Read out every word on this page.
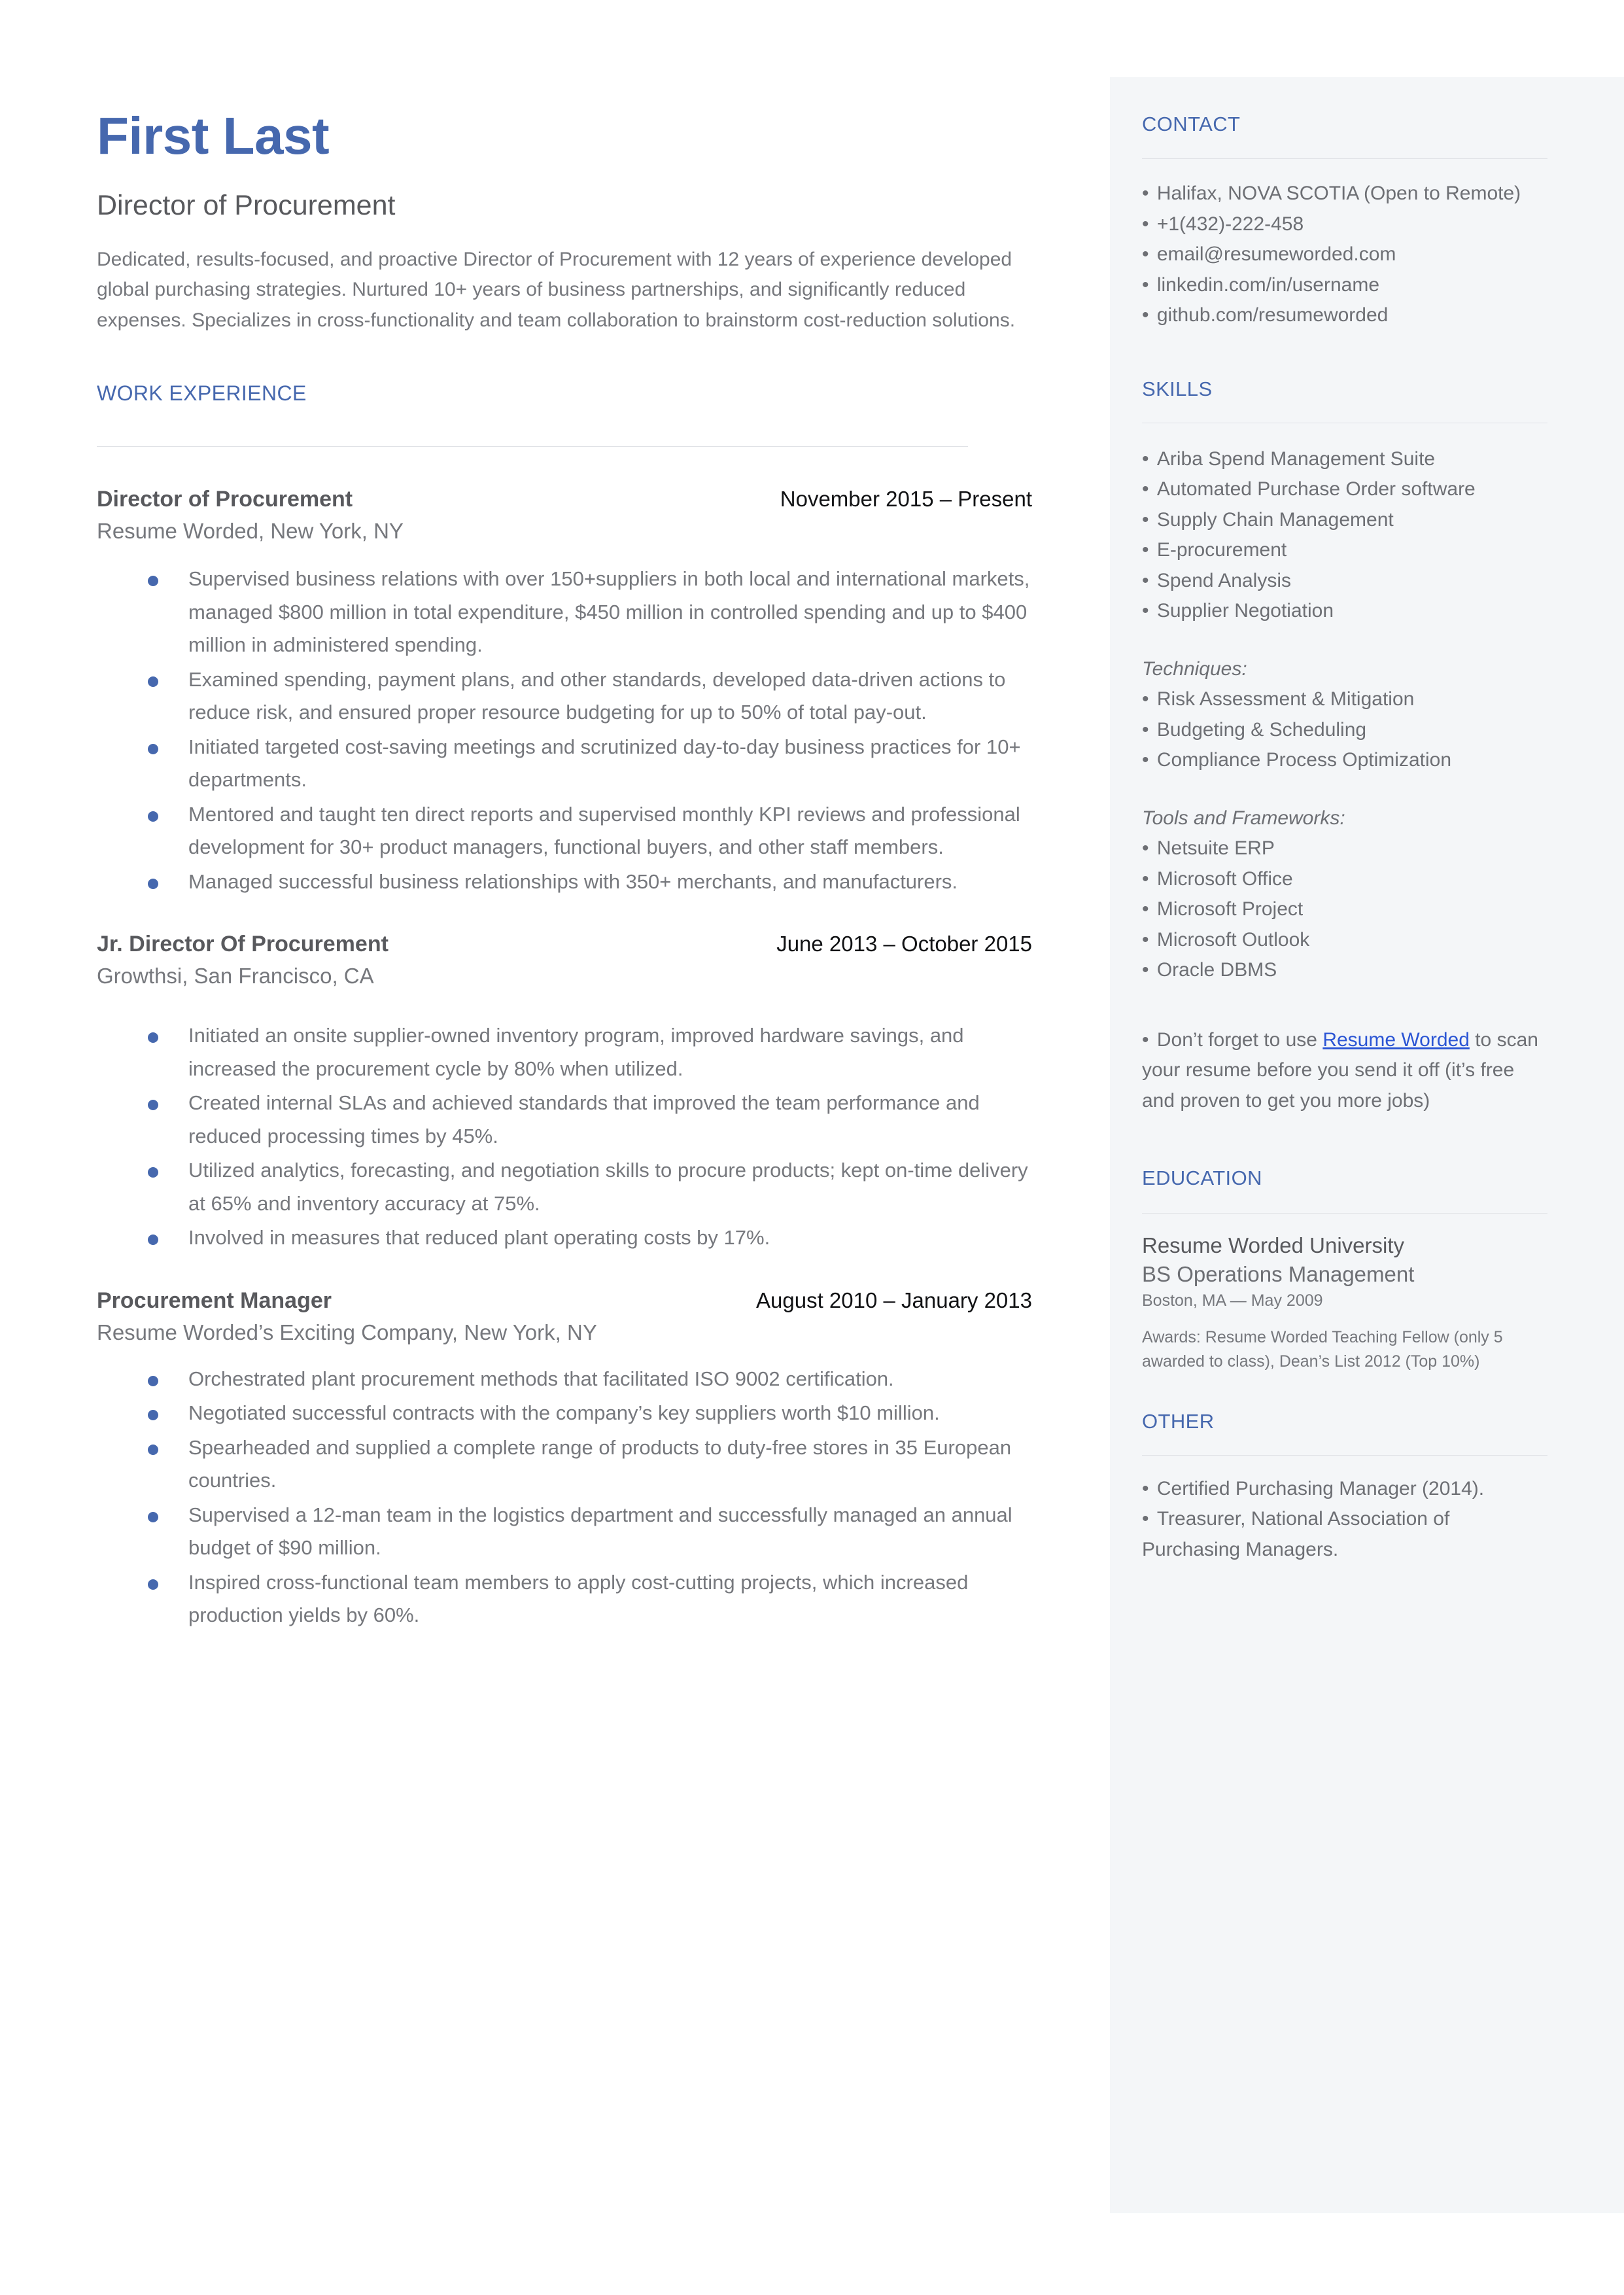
CONTACT
• Halifax, NOVA SCOTIA (Open to Remote)
• +1(432)-222-458
• email@resumeworded.com
• linkedin.com/in/username
• github.com/resumeworded
SKILLS
• Ariba Spend Management Suite
• Automated Purchase Order software
• Supply Chain Management
• E-procurement
• Spend Analysis
• Supplier Negotiation
Techniques:
• Risk Assessment & Mitigation
• Budgeting & Scheduling
• Compliance Process Optimization
Tools and Frameworks:
• Netsuite ERP
• Microsoft Office
• Microsoft Project
• Microsoft Outlook
• Oracle DBMS
• Don’t forget to use Resume Worded to scan your resume before you send it off (it’s free and proven to get you more jobs)
EDUCATION
Resume Worded University
BS Operations Management
Boston, MA — May 2009
Awards: Resume Worded Teaching Fellow (only 5 awarded to class), Dean’s List 2012 (Top 10%)
OTHER
• Certified Purchasing Manager (2014).
• Treasurer, National Association of Purchasing Managers.
First Last
Director of Procurement
Dedicated, results-focused, and proactive Director of Procurement with 12 years of experience developed global purchasing strategies. Nurtured 10+ years of business partnerships, and significantly reduced expenses. Specializes in cross-functionality and team collaboration to brainstorm cost-reduction solutions.
WORK EXPERIENCE
Director of Procurement	November 2015 – Present
Resume Worded, New York, NY
Supervised business relations with over 150+suppliers in both local and international markets, managed $800 million in total expenditure, $450 million in controlled spending and up to $400 million in administered spending.
Examined spending, payment plans, and other standards, developed data-driven actions to reduce risk, and ensured proper resource budgeting for up to 50% of total pay-out.
Initiated targeted cost-saving meetings and scrutinized day-to-day business practices for 10+ departments.
Mentored and taught ten direct reports and supervised monthly KPI reviews and professional development for 30+ product managers, functional buyers, and other staff members.
Managed successful business relationships with 350+ merchants, and manufacturers.
Jr. Director Of Procurement	June 2013 – October 2015
Growthsi, San Francisco, CA
Initiated an onsite supplier-owned inventory program, improved hardware savings, and increased the procurement cycle by 80% when utilized.
Created internal SLAs and achieved standards that improved the team performance and reduced processing times by 45%.
Utilized analytics, forecasting, and negotiation skills to procure products; kept on-time delivery at 65% and inventory accuracy at 75%.
Involved in measures that reduced plant operating costs by 17%.
Procurement Manager	August 2010 – January 2013
Resume Worded’s Exciting Company, New York, NY
Orchestrated plant procurement methods that facilitated ISO 9002 certification.
Negotiated successful contracts with the company’s key suppliers worth $10 million.
Spearheaded and supplied a complete range of products to duty-free stores in 35 European countries.
Supervised a 12-man team in the logistics department and successfully managed an annual budget of $90 million.
Inspired cross-functional team members to apply cost-cutting projects, which increased production yields by 60%.
